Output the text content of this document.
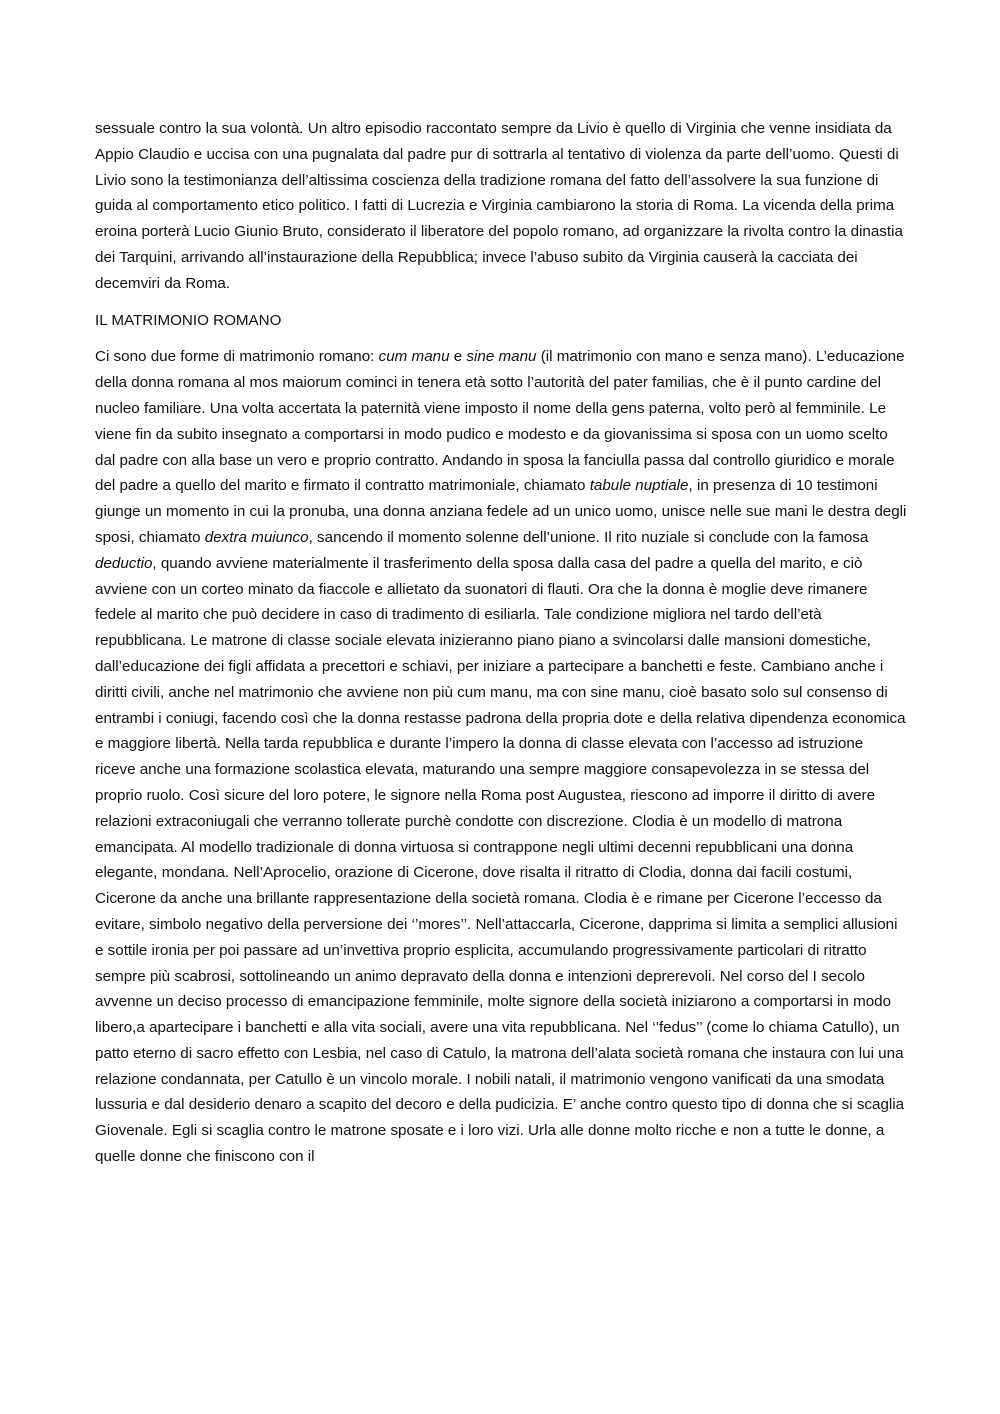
sessuale contro la sua volontà. Un altro episodio raccontato sempre da Livio è quello di Virginia che venne insidiata da Appio Claudio e uccisa con una pugnalata dal padre pur di sottrarla al tentativo di violenza da parte dell’uomo. Questi di Livio sono la testimonianza dell’altissima coscienza della tradizione romana del fatto dell’assolvere la sua funzione di guida al comportamento etico politico. I fatti di Lucrezia e Virginia cambiarono la storia di Roma. La vicenda della prima eroina porterà Lucio Giunio Bruto, considerato il liberatore del popolo romano, ad organizzare la rivolta contro la dinastia dei Tarquini, arrivando all’instaurazione della Repubblica; invece l’abuso subito da Virginia causerà la cacciata dei decemviri da Roma.

IL MATRIMONIO ROMANO

Ci sono due forme di matrimonio romano: cum manu e sine manu (il matrimonio con mano e senza mano). L’educazione della donna romana al mos maiorum cominci in tenera età sotto l’autorità del pater familias, che è il punto cardine del nucleo familiare. Una volta accertata la paternità viene imposto il nome della gens paterna, volto però al femminile. Le viene fin da subito insegnato a comportarsi in modo pudico e modesto e da giovanissima si sposa con un uomo scelto dal padre con alla base un vero e proprio contratto. Andando in sposa la fanciulla passa dal controllo giuridico e morale del padre a quello del marito e firmato il contratto matrimoniale, chiamato tabule nuptiale, in presenza di 10 testimoni giunge un momento in cui la pronuba, una donna anziana fedele ad un unico uomo, unisce nelle sue mani le destra degli sposi, chiamato dextra muiunco, sancendo il momento solenne dell’unione. Il rito nuziale si conclude con la famosa deductio, quando avviene materialmente il trasferimento della sposa dalla casa del padre a quella del marito, e ciò avviene con un corteo minato da fiaccole e allietato da suonatori di flauti. Ora che la donna è moglie deve rimanere fedele al marito che può decidere in caso di tradimento di esiliarla. Tale condizione migliora nel tardo dell’età repubblicana. Le matrone di classe sociale elevata inizieranno piano piano a svincolarsi dalle mansioni domestiche, dall’educazione dei figli affidata a precettori e schiavi, per iniziare a partecipare a banchetti e feste. Cambiano anche i diritti civili, anche nel matrimonio che avviene non più cum manu, ma con sine manu, cioè basato solo sul consenso di entrambi i coniugi, facendo così che la donna restasse padrona della propria dote e della relativa dipendenza economica e maggiore libertà. Nella tarda repubblica e durante l’impero la donna di classe elevata con l’accesso ad istruzione riceve anche una formazione scolastica elevata, maturando una sempre maggiore consapevolezza in se stessa del proprio ruolo. Così sicure del loro potere, le signore nella Roma post Augustea, riescono ad imporre il diritto di avere relazioni extraconiugali che verranno tollerate purchè condotte con discrezione. Clodia è un modello di matrona emancipata. Al modello tradizionale di donna virtuosa si contrappone negli ultimi decenni repubblicani una donna elegante, mondana. Nell’Aprocelio, orazione di Cicerone, dove risalta il ritratto di Clodia, donna dai facili costumi, Cicerone da anche una brillante rappresentazione della società romana. Clodia è e rimane per Cicerone l’eccesso da evitare, simbolo negativo della perversione dei ‘’mores’’. Nell’attaccarla, Cicerone, dapprima si limita a semplici allusioni e sottile ironia per poi passare ad un’invettiva proprio esplicita, accumulando progressivamente particolari di ritratto sempre più scabrosi, sottolineando un animo depravato della donna e intenzioni deprerevoli. Nel corso del I secolo avvenne un deciso processo di emancipazione femminile, molte signore della società iniziarono a comportarsi in modo libero,a apartecipare i banchetti e alla vita sociali, avere una vita repubblicana. Nel ‘’fedus’’ (come lo chiama Catullo), un patto eterno di sacro effetto con Lesbia, nel caso di Catulo, la matrona dell’alata società romana che instaura con lui una relazione condannata, per Catullo è un vincolo morale. I nobili natali, il matrimonio vengono vanificati da una smodata lussuria e dal desiderio denaro a scapito del decoro e della pudicizia. E’ anche contro questo tipo di donna che si scaglia Giovenale. Egli si scaglia contro le matrone sposate e i loro vizi. Urla alle donne molto ricche e non a tutte le donne, a quelle donne che finiscono con il
